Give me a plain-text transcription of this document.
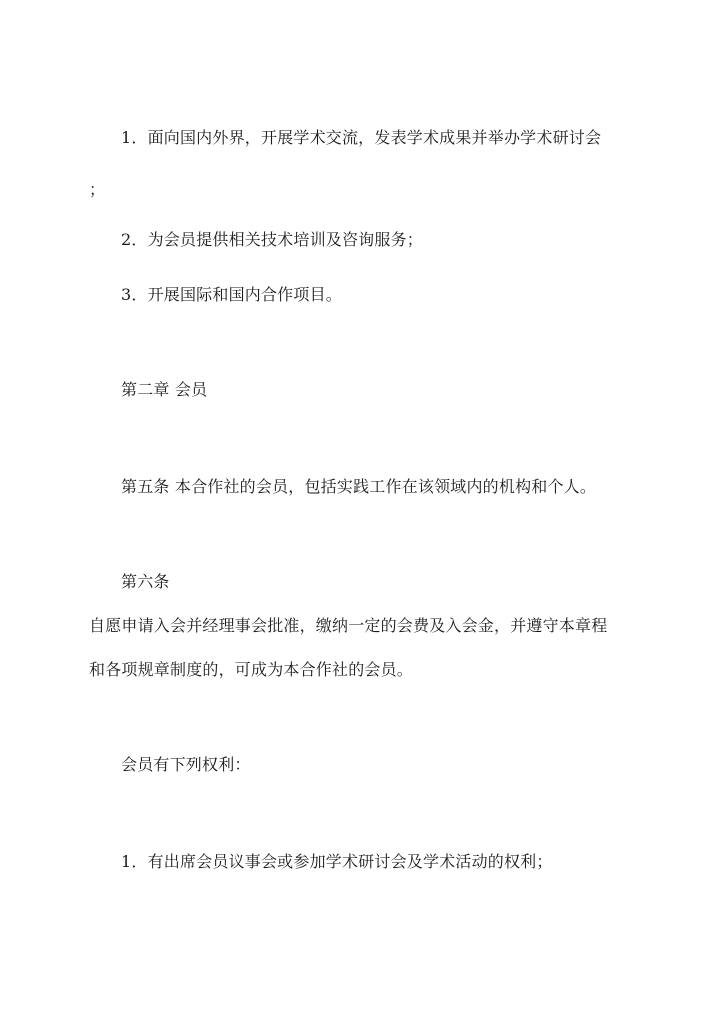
1．面向国内外界，开展学术交流，发表学术成果并举办学术研讨会
；
2．为会员提供相关技术培训及咨询服务；
3．开展国际和国内合作项目。
第二章 会员
第五条 本合作社的会员，包括实践工作在该领域内的机构和个人。
第六条
自愿申请入会并经理事会批准，缴纳一定的会费及入会金，并遵守本章程
和各项规章制度的，可成为本合作社的会员。
会员有下列权利：
1．有出席会员议事会或参加学术研讨会及学术活动的权利；
